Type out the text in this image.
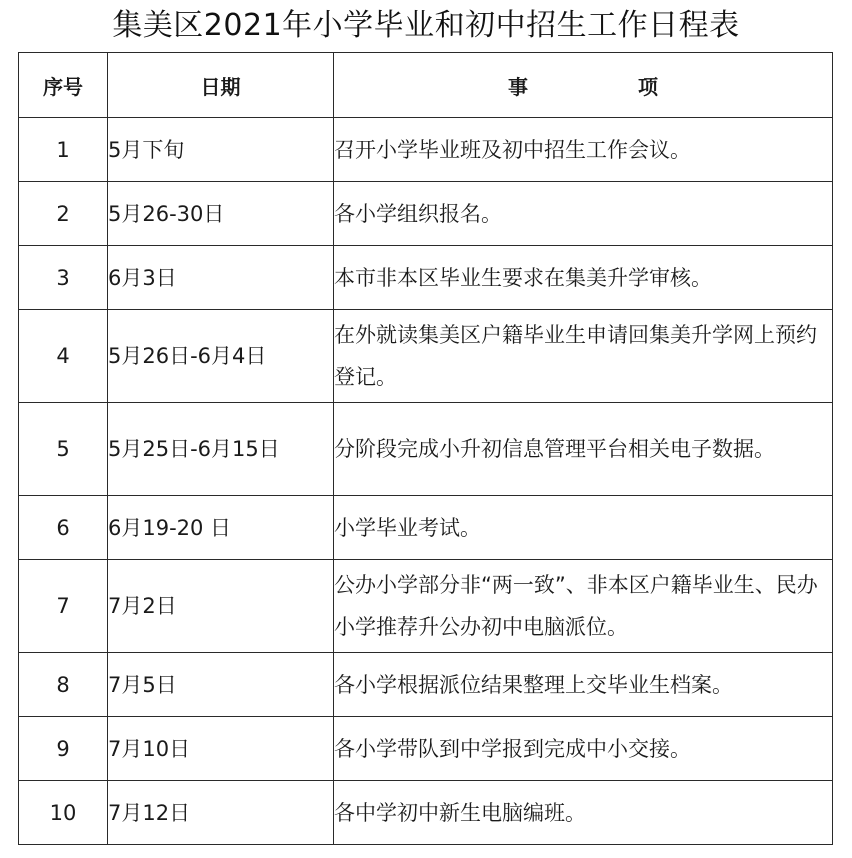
集美区2021年小学毕业和初中招生工作日程表
序号	日期	事 项
1	5月下旬	召开小学毕业班及初中招生工作会议。
2	5月26-30日	各小学组织报名。
3	6月3日	本市非本区毕业生要求在集美升学审核。
4	5月26日-6月4日	在外就读集美区户籍毕业生申请回集美升学网上预约登记。
5	5月25日-6月15日	分阶段完成小升初信息管理平台相关电子数据。
6	6月19-20 日	小学毕业考试。
7	7月2日	公办小学部分非“两一致”、非本区户籍毕业生、民办小学推荐升公办初中电脑派位。
8	7月5日	各小学根据派位结果整理上交毕业生档案。
9	7月10日	各小学带队到中学报到完成中小交接。
10	7月12日	各中学初中新生电脑编班。
